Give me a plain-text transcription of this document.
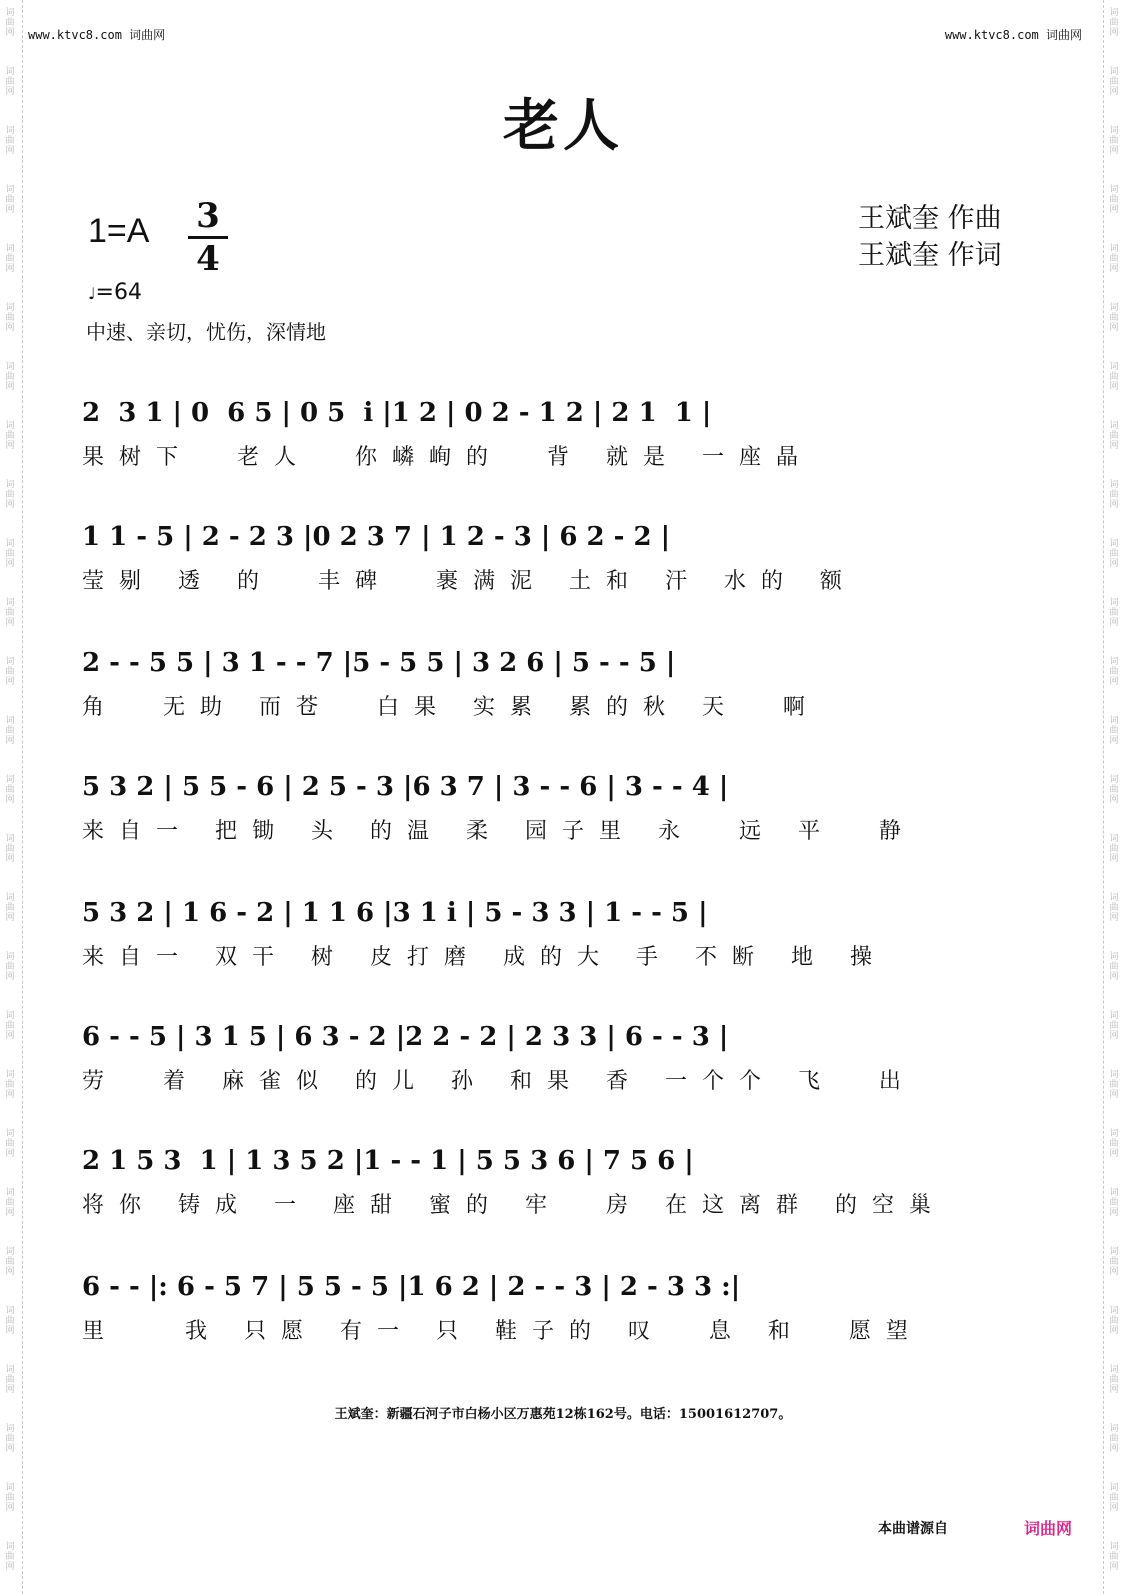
词曲网
词曲网
词曲网
词曲网
词曲网
词曲网
词曲网
词曲网
词曲网
词曲网
词曲网
词曲网
词曲网
词曲网
词曲网
词曲网
词曲网
词曲网
词曲网
词曲网
词曲网
词曲网
词曲网
词曲网
词曲网
词曲网
词曲网
词曲网
词曲网
词曲网
词曲网
词曲网
词曲网
词曲网
词曲网
词曲网
词曲网
词曲网
词曲网
词曲网
词曲网
词曲网
词曲网
词曲网
词曲网
词曲网
词曲网
词曲网
词曲网
词曲网
词曲网
词曲网
词曲网
词曲网
www.ktvc8.com 词曲网	www.ktvc8.com 词曲网
老人
$1=A \frac{3}{4}$	王斌奎 作曲
王斌奎 作词
♩=64
中速、亲切，忧伤，深情地
2  3 1 | 0  6 5 | 0 5  i |1 2 | 0 2 - 1 2 | 2 1  1 |
果树下  老人  你嶙峋的  背 就是 一座晶
1 1 - 5 | 2 - 2 3 |0 2 3 7 | 1 2 - 3 | 6 2 - 2 |
莹剔 透 的  丰碑  裹满泥 土和 汗 水的 额
2 - - 5 5 | 3 1 - - 7 |5 - 5 5 | 3 2 6 | 5 - - 5 |
角  无助 而苍  白果 实累 累的秋 天  啊
5 3 2 | 5 5 - 6 | 2 5 - 3 |6 3 7 | 3 - - 6 | 3 - - 4 |
来自一 把锄 头 的温 柔 园子里 永  远 平  静
5 3 2 | 1 6 - 2 | 1 1 6 |3 1 i | 5 - 3 3 | 1 - - 5 |
来自一 双干 树 皮打磨 成的大 手 不断 地 操
6 - - 5 | 3 1 5 | 6 3 - 2 |2 2 - 2 | 2 3 3 | 6 - - 3 |
劳  着 麻雀似 的儿 孙 和果 香 一个个 飞  出
2 1 5 3  1 | 1 3 5 2 |1 - - 1 | 5 5 3 6 | 7 5 6 |
将你 铸成 一 座甜 蜜的 牢  房 在这离群 的空巢
6 - - |: 6 - 5 7 | 5 5 - 5 |1 6 2 | 2 - - 3 | 2 - 3 3 :|
里   我 只愿 有一 只 鞋子的 叹  息 和  愿望
王斌奎：新疆石河子市白杨小区万惠苑12栋162号。电话：15001612707。
本曲谱源自	词曲网
